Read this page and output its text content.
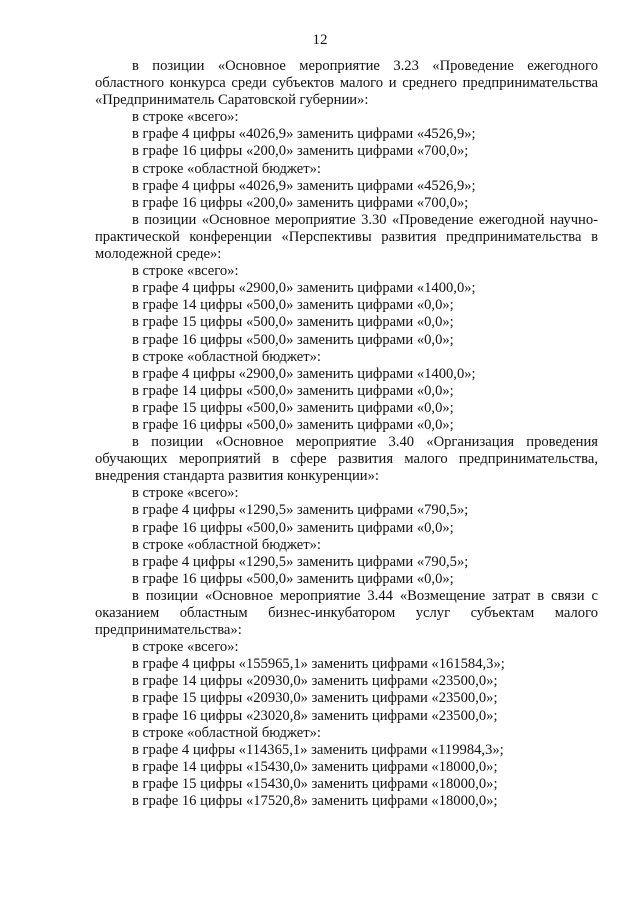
12
в позиции «Основное мероприятие 3.23 «Проведение ежегодного областного конкурса среди субъектов малого и среднего предпринимательства «Предприниматель Саратовской губернии»:
в строке «всего»:
в графе 4 цифры «4026,9» заменить цифрами «4526,9»;
в графе 16 цифры «200,0» заменить цифрами «700,0»;
в строке «областной бюджет»:
в графе 4 цифры «4026,9» заменить цифрами «4526,9»;
в графе 16 цифры «200,0» заменить цифрами «700,0»;
в позиции «Основное мероприятие 3.30 «Проведение ежегодной научно-практической конференции «Перспективы развития предпринимательства в молодежной среде»:
в строке «всего»:
в графе 4 цифры «2900,0» заменить цифрами «1400,0»;
в графе 14 цифры «500,0» заменить цифрами «0,0»;
в графе 15 цифры «500,0» заменить цифрами «0,0»;
в графе 16 цифры «500,0» заменить цифрами «0,0»;
в строке «областной бюджет»:
в графе 4 цифры «2900,0» заменить цифрами «1400,0»;
в графе 14 цифры «500,0» заменить цифрами «0,0»;
в графе 15 цифры «500,0» заменить цифрами «0,0»;
в графе 16 цифры «500,0» заменить цифрами «0,0»;
в позиции «Основное мероприятие 3.40 «Организация проведения обучающих мероприятий в сфере развития малого предпринимательства, внедрения стандарта развития конкуренции»:
в строке «всего»:
в графе 4 цифры «1290,5» заменить цифрами «790,5»;
в графе 16 цифры «500,0» заменить цифрами «0,0»;
в строке «областной бюджет»:
в графе 4 цифры «1290,5» заменить цифрами «790,5»;
в графе 16 цифры «500,0» заменить цифрами «0,0»;
в позиции «Основное мероприятие 3.44 «Возмещение затрат в связи с оказанием областным бизнес-инкубатором услуг субъектам малого предпринимательства»:
в строке «всего»:
в графе 4 цифры «155965,1» заменить цифрами «161584,3»;
в графе 14 цифры «20930,0» заменить цифрами «23500,0»;
в графе 15 цифры «20930,0» заменить цифрами «23500,0»;
в графе 16 цифры «23020,8» заменить цифрами «23500,0»;
в строке «областной бюджет»:
в графе 4 цифры «114365,1» заменить цифрами «119984,3»;
в графе 14 цифры «15430,0» заменить цифрами «18000,0»;
в графе 15 цифры «15430,0» заменить цифрами «18000,0»;
в графе 16 цифры «17520,8» заменить цифрами «18000,0»;
